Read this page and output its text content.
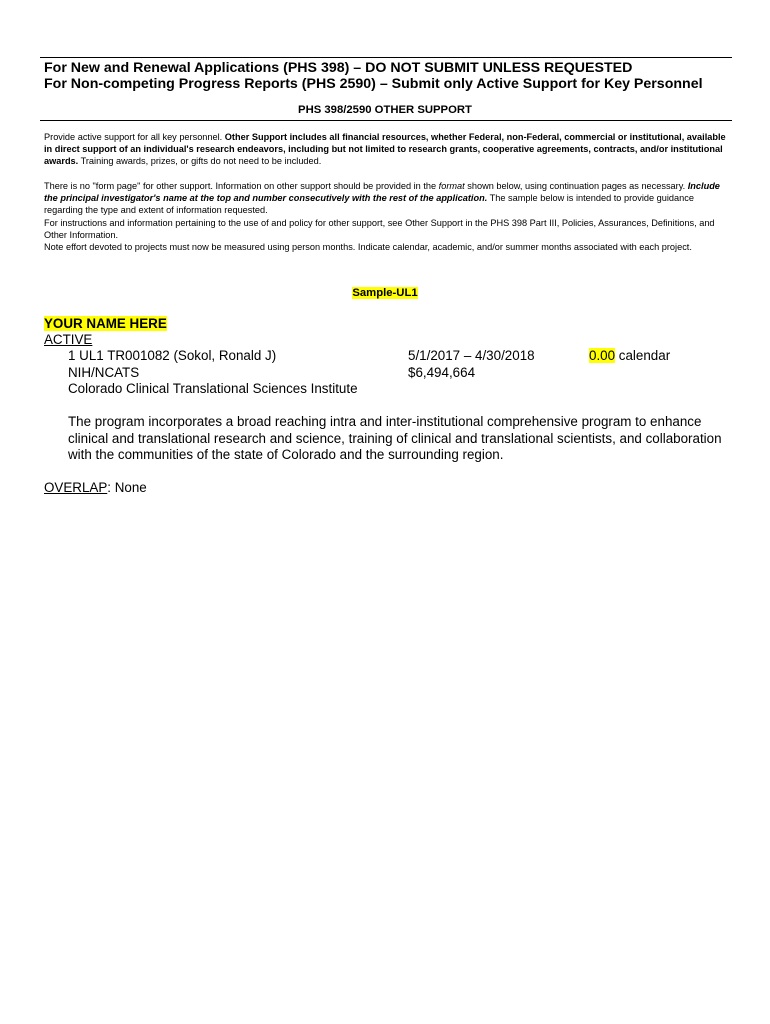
For New and Renewal Applications (PHS 398) – DO NOT SUBMIT UNLESS REQUESTED
For Non-competing Progress Reports (PHS 2590) – Submit only Active Support for Key Personnel
PHS 398/2590 OTHER SUPPORT
Provide active support for all key personnel. Other Support includes all financial resources, whether Federal, non-Federal, commercial or institutional, available in direct support of an individual's research endeavors, including but not limited to research grants, cooperative agreements, contracts, and/or institutional awards. Training awards, prizes, or gifts do not need to be included.
There is no "form page" for other support. Information on other support should be provided in the format shown below, using continuation pages as necessary. Include the principal investigator's name at the top and number consecutively with the rest of the application. The sample below is intended to provide guidance regarding the type and extent of information requested.
For instructions and information pertaining to the use of and policy for other support, see Other Support in the PHS 398 Part III, Policies, Assurances, Definitions, and Other Information.
Note effort devoted to projects must now be measured using person months. Indicate calendar, academic, and/or summer months associated with each project.
Sample-UL1
YOUR NAME HERE
ACTIVE
1 UL1 TR001082 (Sokol, Ronald J)
NIH/NCATS
Colorado Clinical Translational Sciences Institute
5/1/2017 – 4/30/2018
$6,494,664
0.00 calendar
The program incorporates a broad reaching intra and inter-institutional comprehensive program to enhance clinical and translational research and science, training of clinical and translational scientists, and collaboration with the communities of the state of Colorado and the surrounding region.
OVERLAP: None
